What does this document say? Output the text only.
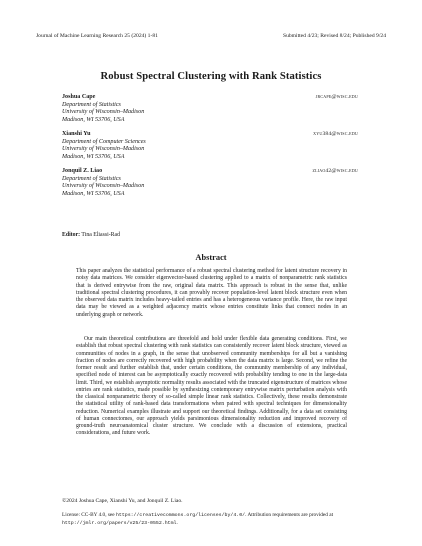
Journal of Machine Learning Research 25 (2024) 1-81	Submitted 4/23; Revised 8/24; Published 9/24
Robust Spectral Clustering with Rank Statistics
Joshua Cape	jrcape@wisc.edu
Department of Statistics
University of Wisconsin–Madison
Madison, WI 53706, USA
Xianshi Yu	xyu384@wisc.edu
Department of Computer Sciences
University of Wisconsin–Madison
Madison, WI 53706, USA
Jonquil Z. Liao	zliao42@wisc.edu
Department of Statistics
University of Wisconsin–Madison
Madison, WI 53706, USA
Editor: Tina Eliassi-Rad
Abstract
This paper analyzes the statistical performance of a robust spectral clustering method for latent structure recovery in noisy data matrices. We consider eigenvector-based clustering applied to a matrix of nonparametric rank statistics that is derived entrywise from the raw, original data matrix. This approach is robust in the sense that, unlike traditional spectral clustering procedures, it can provably recover population-level latent block structure even when the observed data matrix includes heavy-tailed entries and has a heterogeneous variance profile. Here, the raw input data may be viewed as a weighted adjacency matrix whose entries constitute links that connect nodes in an underlying graph or network.
Our main theoretical contributions are threefold and hold under flexible data generating conditions. First, we establish that robust spectral clustering with rank statistics can consistently recover latent block structure, viewed as communities of nodes in a graph, in the sense that unobserved community memberships for all but a vanishing fraction of nodes are correctly recovered with high probability when the data matrix is large. Second, we refine the former result and further establish that, under certain conditions, the community membership of any individual, specified node of interest can be asymptotically exactly recovered with probability tending to one in the large-data limit. Third, we establish asymptotic normality results associated with the truncated eigenstructure of matrices whose entries are rank statistics, made possible by synthesizing contemporary entrywise matrix perturbation analysis with the classical nonparametric theory of so-called simple linear rank statistics. Collectively, these results demonstrate the statistical utility of rank-based data transformations when paired with spectral techniques for dimensionality reduction. Numerical examples illustrate and support our theoretical findings. Additionally, for a data set consisting of human connectomes, our approach yields parsimonious dimensionality reduction and improved recovery of ground-truth neuroanatomical cluster structure. We conclude with a discussion of extensions, practical considerations, and future work.
©2024 Joshua Cape, Xianshi Yu, and Jonquil Z. Liao.
License: CC-BY 4.0, see https://creativecommons.org/licenses/by/4.0/. Attribution requirements are provided at http://jmlr.org/papers/v25/23-0552.html.
